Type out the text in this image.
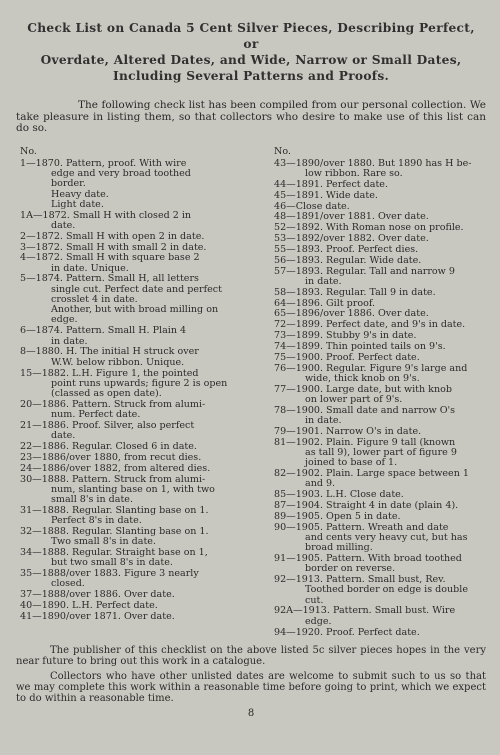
Check List on Canada 5 Cent Silver Pieces, Describing Perfect, or
Overdate, Altered Dates, and Wide, Narrow or Small Dates,
Including Several Patterns and Proofs.
The following check list has been compiled from our personal collection. We take pleasure in listing them, so that collectors who desire to make use of this list can do so.
No.
1—1870. Pattern, proof. With wire
edge and very broad toothed
border.
Heavy date.
Light date.
1A—1872. Small H with closed 2 in
date.
2—1872. Small H with open 2 in date.
3—1872. Small H with small 2 in date.
4—1872. Small H with square base 2
in date. Unique.
5—1874. Pattern. Small H, all letters
single cut. Perfect date and perfect
crosslet 4 in date.
Another, but with broad milling on
edge.
6—1874. Pattern. Small H. Plain 4
in date.
8—1880. H. The initial H struck over
W.W. below ribbon. Unique.
15—1882. L.H. Figure 1, the pointed
point runs upwards; figure 2 is open
(classed as open date).
20—1886. Pattern. Struck from alumi-
num. Perfect date.
21—1886. Proof. Silver, also perfect
date.
22—1886. Regular. Closed 6 in date.
23—1886/over 1880, from recut dies.
24—1886/over 1882, from altered dies.
30—1888. Pattern. Struck from alumi-
num, slanting base on 1, with two
small 8's in date.
31—1888. Regular. Slanting base on 1.
Perfect 8's in date.
32—1888. Regular. Slanting base on 1.
Two small 8's in date.
34—1888. Regular. Straight base on 1,
but two small 8's in date.
35—1888/over 1883. Figure 3 nearly
closed.
37—1888/over 1886. Over date.
40—1890. L.H. Perfect date.
41—1890/over 1871. Over date.
No.
43—1890/over 1880. But 1890 has H be-
low ribbon. Rare so.
44—1891. Perfect date.
45—1891. Wide date.
46—Close date.
48—1891/over 1881. Over date.
52—1892. With Roman nose on profile.
53—1892/over 1882. Over date.
55—1893. Proof. Perfect dies.
56—1893. Regular. Wide date.
57—1893. Regular. Tall and narrow 9
in date.
58—1893. Regular. Tall 9 in date.
64—1896. Gilt proof.
65—1896/over 1886. Over date.
72—1899. Perfect date, and 9's in date.
73—1899. Stubby 9's in date.
74—1899. Thin pointed tails on 9's.
75—1900. Proof. Perfect date.
76—1900. Regular. Figure 9's large and
wide, thick knob on 9's.
77—1900. Large date, but with knob
on lower part of 9's.
78—1900. Small date and narrow O's
in date.
79—1901. Narrow O's in date.
81—1902. Plain. Figure 9 tall (known
as tall 9), lower part of figure 9
joined to base of 1.
82—1902. Plain. Large space between 1
and 9.
85—1903. L.H. Close date.
87—1904. Straight 4 in date (plain 4).
89—1905. Open 5 in date.
90—1905. Pattern. Wreath and date
and cents very heavy cut, but has
broad milling.
91—1905. Pattern. With broad toothed
border on reverse.
92—1913. Pattern. Small bust, Rev.
Toothed border on edge is double
cut.
92A—1913. Pattern. Small bust. Wire
edge.
94—1920. Proof. Perfect date.
The publisher of this checklist on the above listed 5c silver pieces hopes in the very near future to bring out this work in a catalogue.
Collectors who have other unlisted dates are welcome to submit such to us so that we may complete this work within a reasonable time before going to print, which we expect to do within a reasonable time.
8
